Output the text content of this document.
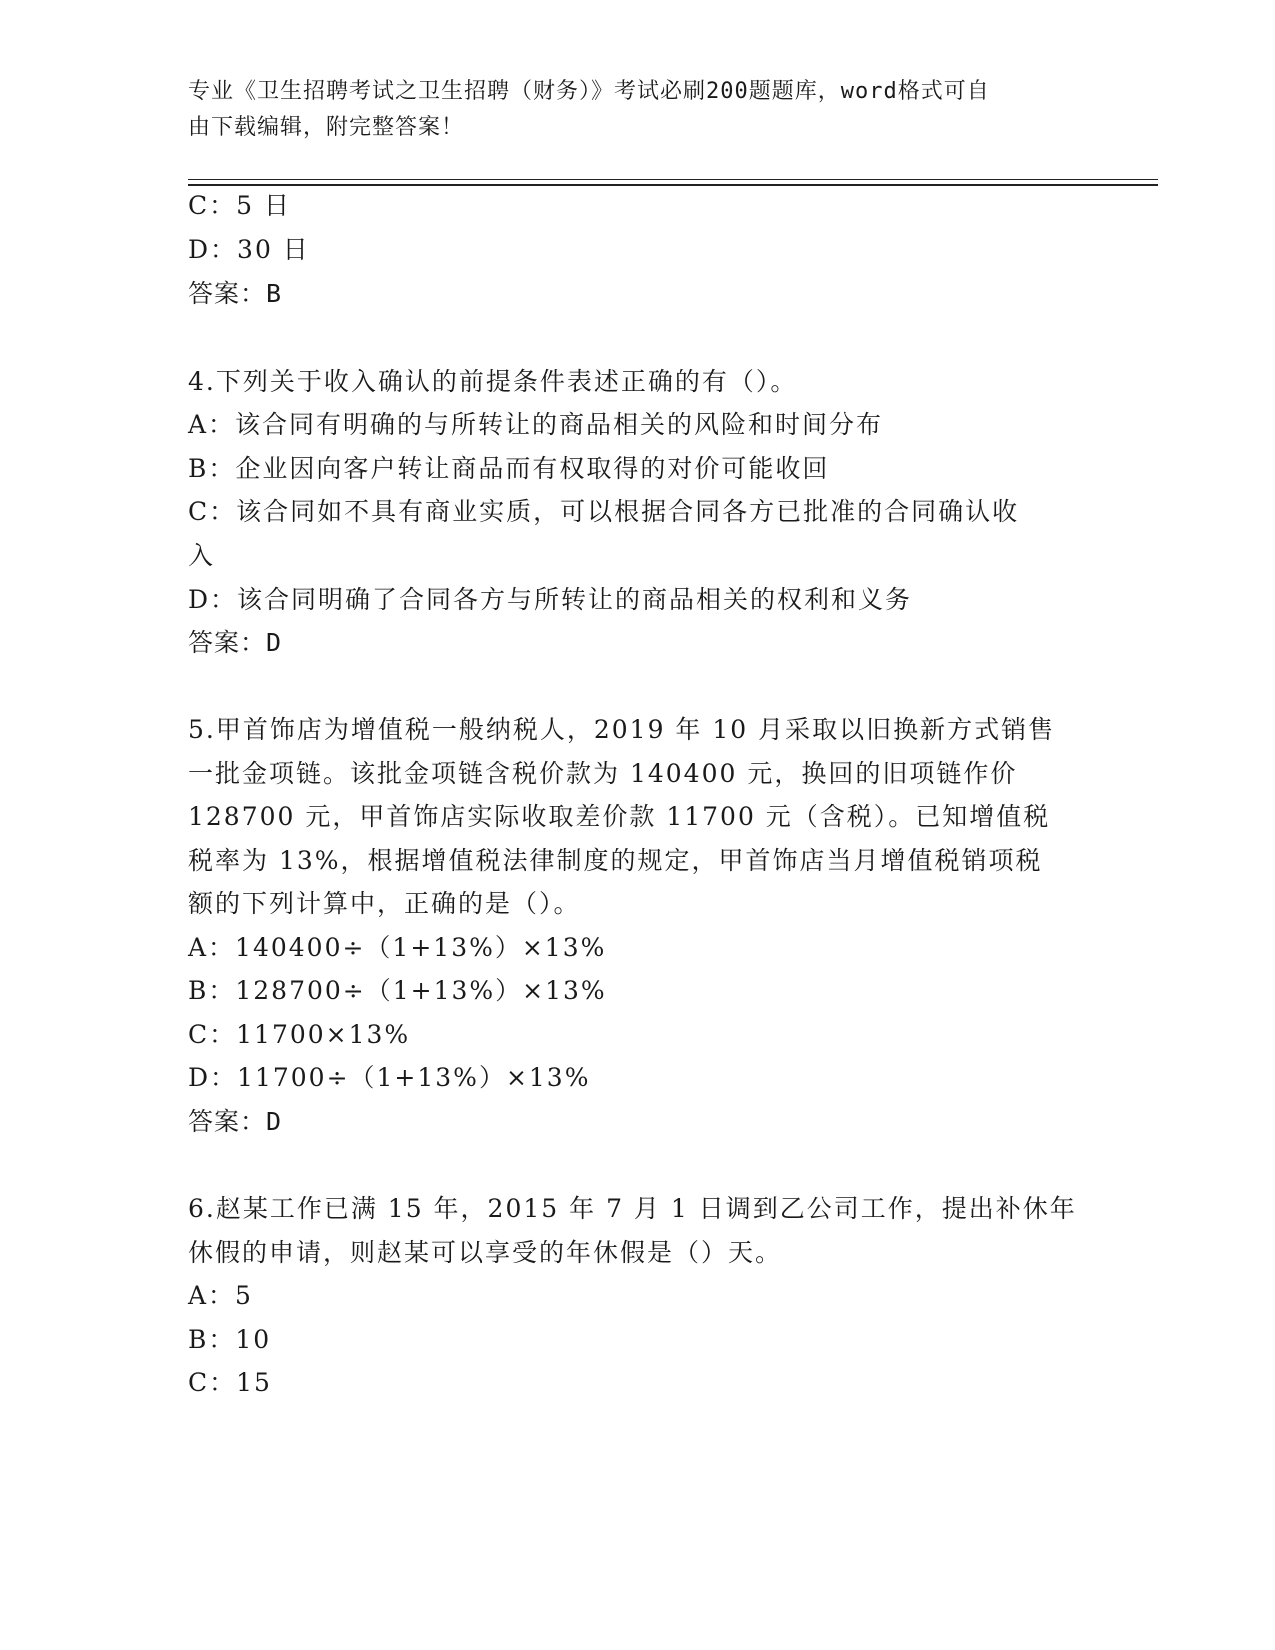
专业《卫生招聘考试之卫生招聘（财务）》考试必刷200题题库，word格式可自
由下载编辑，附完整答案！
C：5 日
D：30 日
答案：B
4.下列关于收入确认的前提条件表述正确的有（）。
A：该合同有明确的与所转让的商品相关的风险和时间分布
B：企业因向客户转让商品而有权取得的对价可能收回
C：该合同如不具有商业实质，可以根据合同各方已批准的合同确认收
入
D：该合同明确了合同各方与所转让的商品相关的权利和义务
答案：D
5.甲首饰店为增值税一般纳税人，2019 年 10 月采取以旧换新方式销售
一批金项链。该批金项链含税价款为 140400 元，换回的旧项链作价
128700 元，甲首饰店实际收取差价款 11700 元（含税）。已知增值税
税率为 13%，根据增值税法律制度的规定，甲首饰店当月增值税销项税
额的下列计算中，正确的是（）。
A：140400÷（1+13%）×13%
B：128700÷（1+13%）×13%
C：11700×13%
D：11700÷（1+13%）×13%
答案：D
6.赵某工作已满 15 年，2015 年 7 月 1 日调到乙公司工作，提出补休年
休假的申请，则赵某可以享受的年休假是（）天。
A：5
B：10
C：15
